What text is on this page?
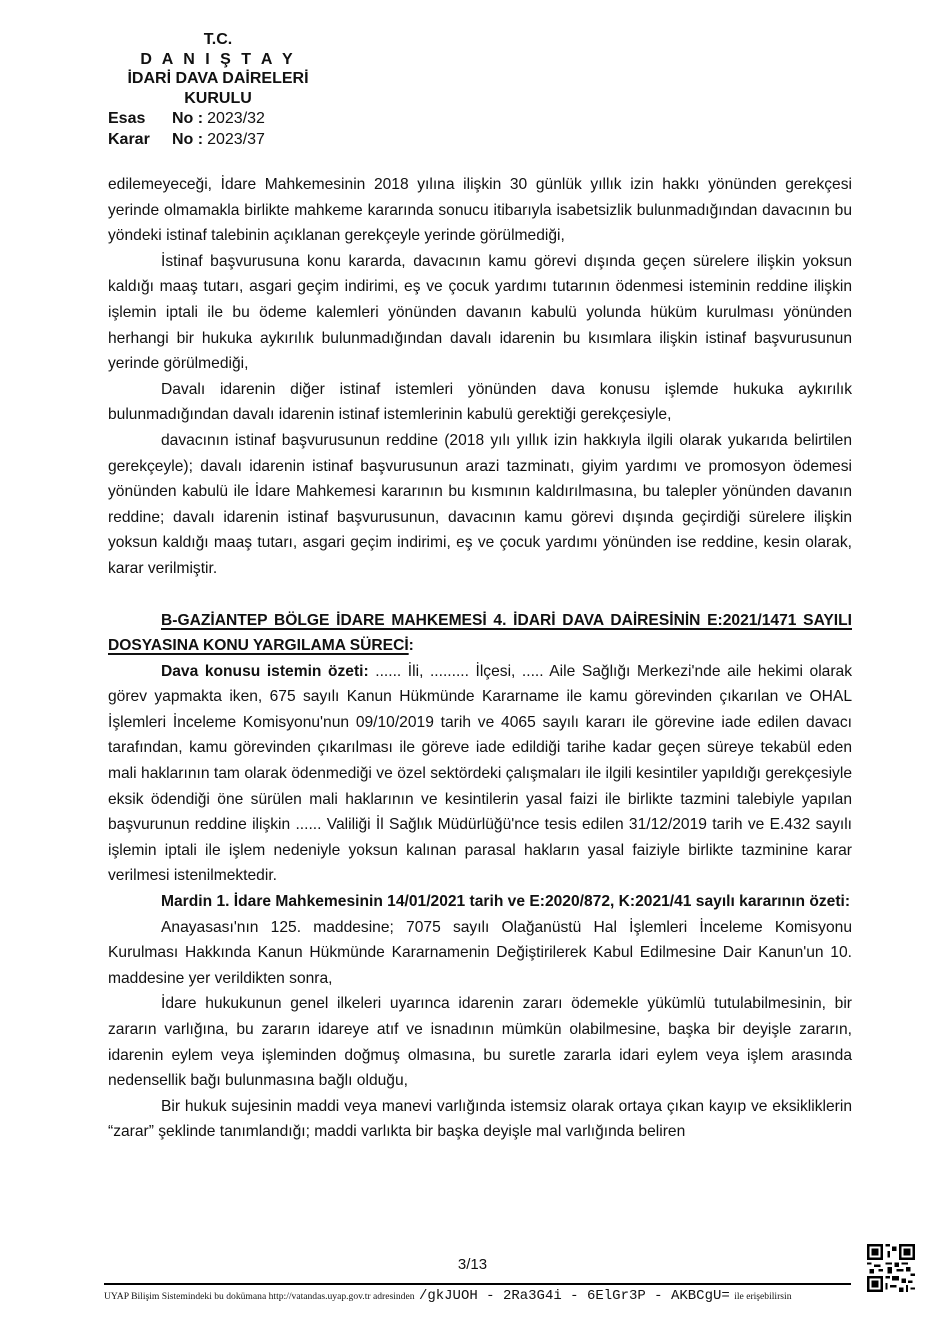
T.C.
D A N I Ş T A Y
İDARİ DAVA DAİRELERİ
KURULU
Esas	No : 2023/32
Karar	No : 2023/37

edilemeyeceği, İdare Mahkemesinin 2018 yılına ilişkin 30 günlük yıllık izin hakkı yönünden gerekçesi yerinde olmamakla birlikte mahkeme kararında sonucu itibarıyla isabetsizlik bulunmadığından davacının bu yöndeki istinaf talebinin açıklanan gerekçeyle yerinde görülmediği,

İstinaf başvurusuna konu kararda, davacının kamu görevi dışında geçen sürelere ilişkin yoksun kaldığı maaş tutarı, asgari geçim indirimi, eş ve çocuk yardımı tutarının ödenmesi isteminin reddine ilişkin işlemin iptali ile bu ödeme kalemleri yönünden davanın kabulü yolunda hüküm kurulması yönünden herhangi bir hukuka aykırılık bulunmadığından davalı idarenin bu kısımlara ilişkin istinaf başvurusunun yerinde görülmediği,

Davalı idarenin diğer istinaf istemleri yönünden dava konusu işlemde hukuka aykırılık bulunmadığından davalı idarenin istinaf istemlerinin kabulü gerektiği gerekçesiyle,

davacının istinaf başvurusunun reddine (2018 yılı yıllık izin hakkıyla ilgili olarak yukarıda belirtilen gerekçeyle); davalı idarenin istinaf başvurusunun arazi tazminatı, giyim yardımı ve promosyon ödemesi yönünden kabulü ile İdare Mahkemesi kararının bu kısmının kaldırılmasına, bu talepler yönünden davanın reddine; davalı idarenin istinaf başvurusunun, davacının kamu görevi dışında geçirdiği sürelere ilişkin yoksun kaldığı maaş tutarı, asgari geçim indirimi, eş ve çocuk yardımı yönünden ise reddine, kesin olarak, karar verilmiştir.

B-GAZİANTEP BÖLGE İDARE MAHKEMESİ 4. İDARİ DAVA DAİRESİNİN E:2021/1471 SAYILI DOSYASINA KONU YARGILAMA SÜRECİ:

Dava konusu istemin özeti: ...... İli, ......... İlçesi, ..... Aile Sağlığı Merkezi'nde aile hekimi olarak görev yapmakta iken, 675 sayılı Kanun Hükmünde Kararname ile kamu görevinden çıkarılan ve OHAL İşlemleri İnceleme Komisyonu'nun 09/10/2019 tarih ve 4065 sayılı kararı ile görevine iade edilen davacı tarafından, kamu görevinden çıkarılması ile göreve iade edildiği tarihe kadar geçen süreye tekabül eden mali haklarının tam olarak ödenmediği ve özel sektördeki çalışmaları ile ilgili kesintiler yapıldığı gerekçesiyle eksik ödendiği öne sürülen mali haklarının ve kesintilerin yasal faizi ile birlikte tazmini talebiyle yapılan başvurunun reddine ilişkin ...... Valiliği İl Sağlık Müdürlüğü'nce tesis edilen 31/12/2019 tarih ve E.432 sayılı işlemin iptali ile işlem nedeniyle yoksun kalınan parasal hakların yasal faiziyle birlikte tazminine karar verilmesi istenilmektedir.

Mardin 1. İdare Mahkemesinin 14/01/2021 tarih ve E:2020/872, K:2021/41 sayılı kararının özeti:

Anayasası'nın 125. maddesine; 7075 sayılı Olağanüstü Hal İşlemleri İnceleme Komisyonu Kurulması Hakkında Kanun Hükmünde Kararnamenin Değiştirilerek Kabul Edilmesine Dair Kanun'un 10. maddesine yer verildikten sonra,

İdare hukukunun genel ilkeleri uyarınca idarenin zararı ödemekle yükümlü tutulabilmesinin, bir zararın varlığına, bu zararın idareye atıf ve isnadının mümkün olabilmesine, başka bir deyişle zararın, idarenin eylem veya işleminden doğmuş olmasına, bu suretle zararla idari eylem veya işlem arasında nedensellik bağı bulunmasına bağlı olduğu,

Bir hukuk sujesinin maddi veya manevi varlığında istemsiz olarak ortaya çıkan kayıp ve eksikliklerin “zarar” şeklinde tanımlandığı; maddi varlıkta bir başka deyişle mal varlığında beliren

3/13
UYAP Bilişim Sistemindeki bu dokümana http://vatandas.uyap.gov.tr adresinden /gkJUOH - 2Ra3G4i - 6ElGr3P - AKBCgU= ile erişebilirsin
